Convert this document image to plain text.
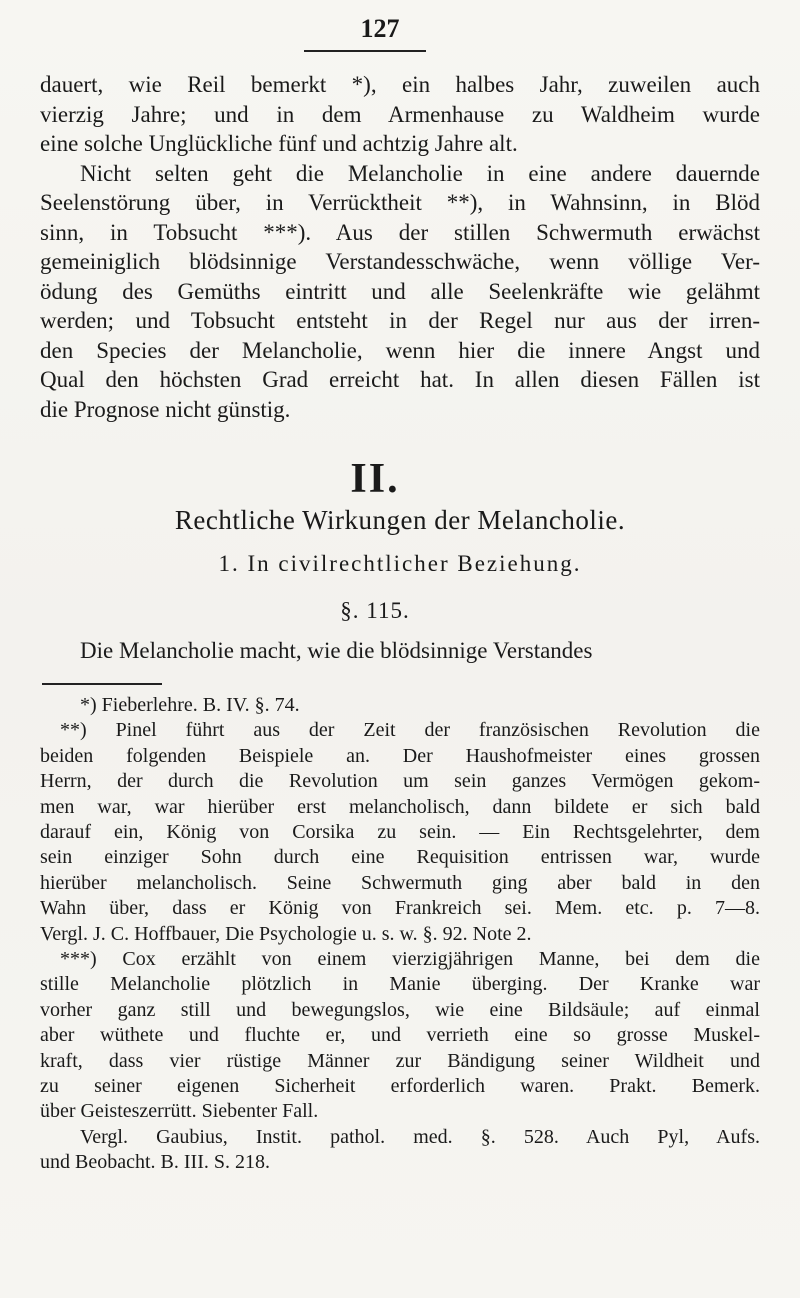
127
dauert, wie Reil bemerkt *), ein halbes Jahr, zuweilen auch
vierzig Jahre; und in dem Armenhause zu Waldheim wurde
eine solche Unglückliche fünf und achtzig Jahre alt.
Nicht selten geht die Melancholie in eine andere dauernde
Seelenstörung über, in Verrücktheit **), in Wahnsinn, in Blöd
sinn, in Tobsucht ***). Aus der stillen Schwermuth erwächst
gemeiniglich blödsinnige Verstandesschwäche, wenn völlige Ver-
ödung des Gemüths eintritt und alle Seelenkräfte wie gelähmt
werden; und Tobsucht entsteht in der Regel nur aus der irren-
den Species der Melancholie, wenn hier die innere Angst und
Qual den höchsten Grad erreicht hat. In allen diesen Fällen ist
die Prognose nicht günstig.
II.
Rechtliche Wirkungen der Melancholie.
1. In civilrechtlicher Beziehung.
§. 115.
Die Melancholie macht, wie die blödsinnige Verstandes
*) Fieberlehre. B. IV. §. 74.
**) Pinel führt aus der Zeit der französischen Revolution die
beiden folgenden Beispiele an. Der Haushofmeister eines grossen
Herrn, der durch die Revolution um sein ganzes Vermögen gekom-
men war, war hierüber erst melancholisch, dann bildete er sich bald
darauf ein, König von Corsika zu sein. — Ein Rechtsgelehrter, dem
sein einziger Sohn durch eine Requisition entrissen war, wurde
hierüber melancholisch. Seine Schwermuth ging aber bald in den
Wahn über, dass er König von Frankreich sei. Mem. etc. p. 7—8.
Vergl. J. C. Hoffbauer, Die Psychologie u. s. w. §. 92. Note 2.
***) Cox erzählt von einem vierzigjährigen Manne, bei dem die
stille Melancholie plötzlich in Manie überging. Der Kranke war
vorher ganz still und bewegungslos, wie eine Bildsäule; auf einmal
aber wüthete und fluchte er, und verrieth eine so grosse Muskel-
kraft, dass vier rüstige Männer zur Bändigung seiner Wildheit und
zu seiner eigenen Sicherheit erforderlich waren. Prakt. Bemerk.
über Geisteszerrütt. Siebenter Fall.
Vergl. Gaubius, Instit. pathol. med. §. 528. Auch Pyl, Aufs.
und Beobacht. B. III. S. 218.
